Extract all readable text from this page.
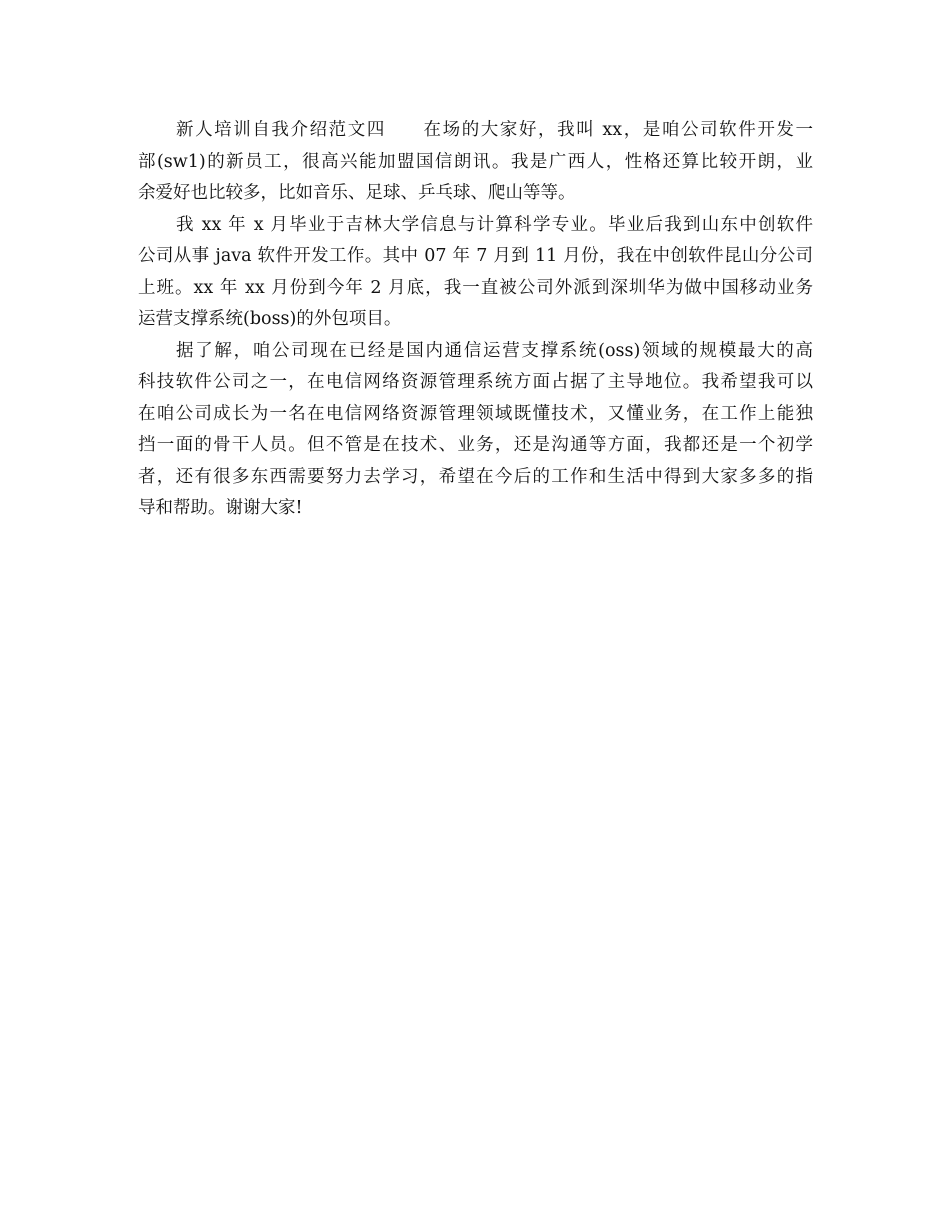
新人培训自我介绍范文四 在场的大家好，我叫 xx，是咱公司软件开发一
部(sw1)的新员工，很高兴能加盟国信朗讯。我是广西人，性格还算比较开朗，业
余爱好也比较多，比如音乐、足球、乒乓球、爬山等等。
我 xx 年 x 月毕业于吉林大学信息与计算科学专业。毕业后我到山东中创软件
公司从事 java 软件开发工作。其中 07 年 7 月到 11 月份，我在中创软件昆山分公司
上班。xx 年 xx 月份到今年 2 月底，我一直被公司外派到深圳华为做中国移动业务
运营支撑系统(boss)的外包项目。
据了解，咱公司现在已经是国内通信运营支撑系统(oss)领域的规模最大的高
科技软件公司之一，在电信网络资源管理系统方面占据了主导地位。我希望我可以
在咱公司成长为一名在电信网络资源管理领域既懂技术，又懂业务，在工作上能独
挡一面的骨干人员。但不管是在技术、业务，还是沟通等方面，我都还是一个初学
者，还有很多东西需要努力去学习，希望在今后的工作和生活中得到大家多多的指
导和帮助。谢谢大家!
